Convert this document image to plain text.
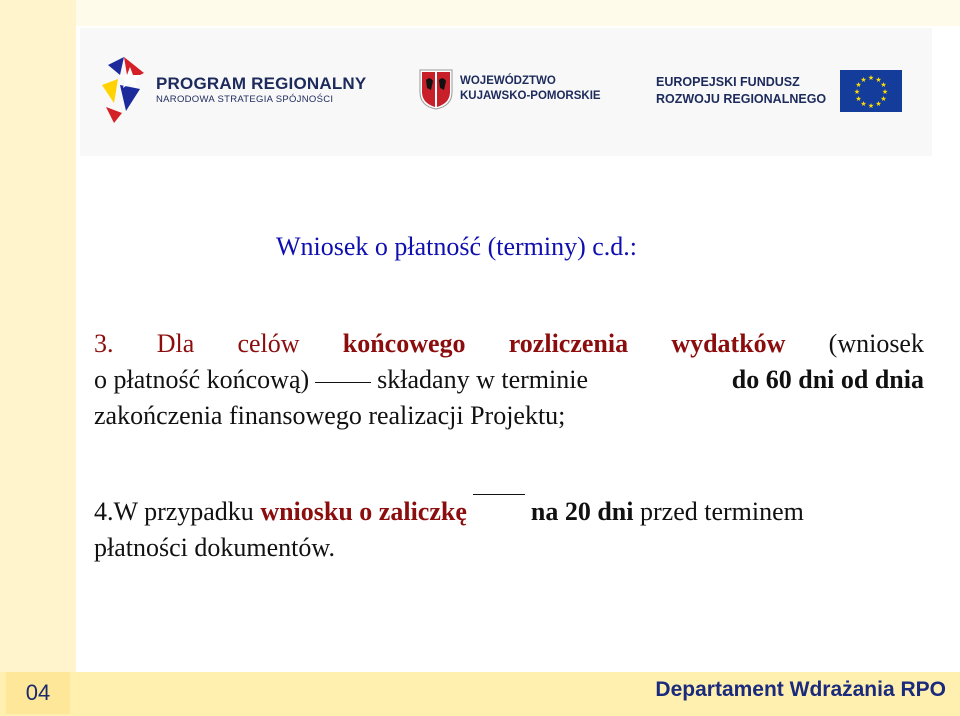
PROGRAM REGIONALNY
NARODOWA STRATEGIA SPÓJNOŚCI
WOJEWÓDZTWO
KUJAWSKO-POMORSKIE
EUROPEJSKI FUNDUSZ
ROZWOJU REGIONALNEGO
★ ★
★
★
★
★
★
★
★
★
★
★
Wniosek o płatność (terminy) c.d.:
3. Dla celów końcowego rozliczenia wydatków (wniosek
o płatność końcową)	składany w terminie	do 60 dni od dnia
zakończenia finansowego realizacji Projektu;
4.W przypadku wniosku o zaliczkę na 20 dni przed terminem
płatności dokumentów.
04	Departament Wdrażania RPO
